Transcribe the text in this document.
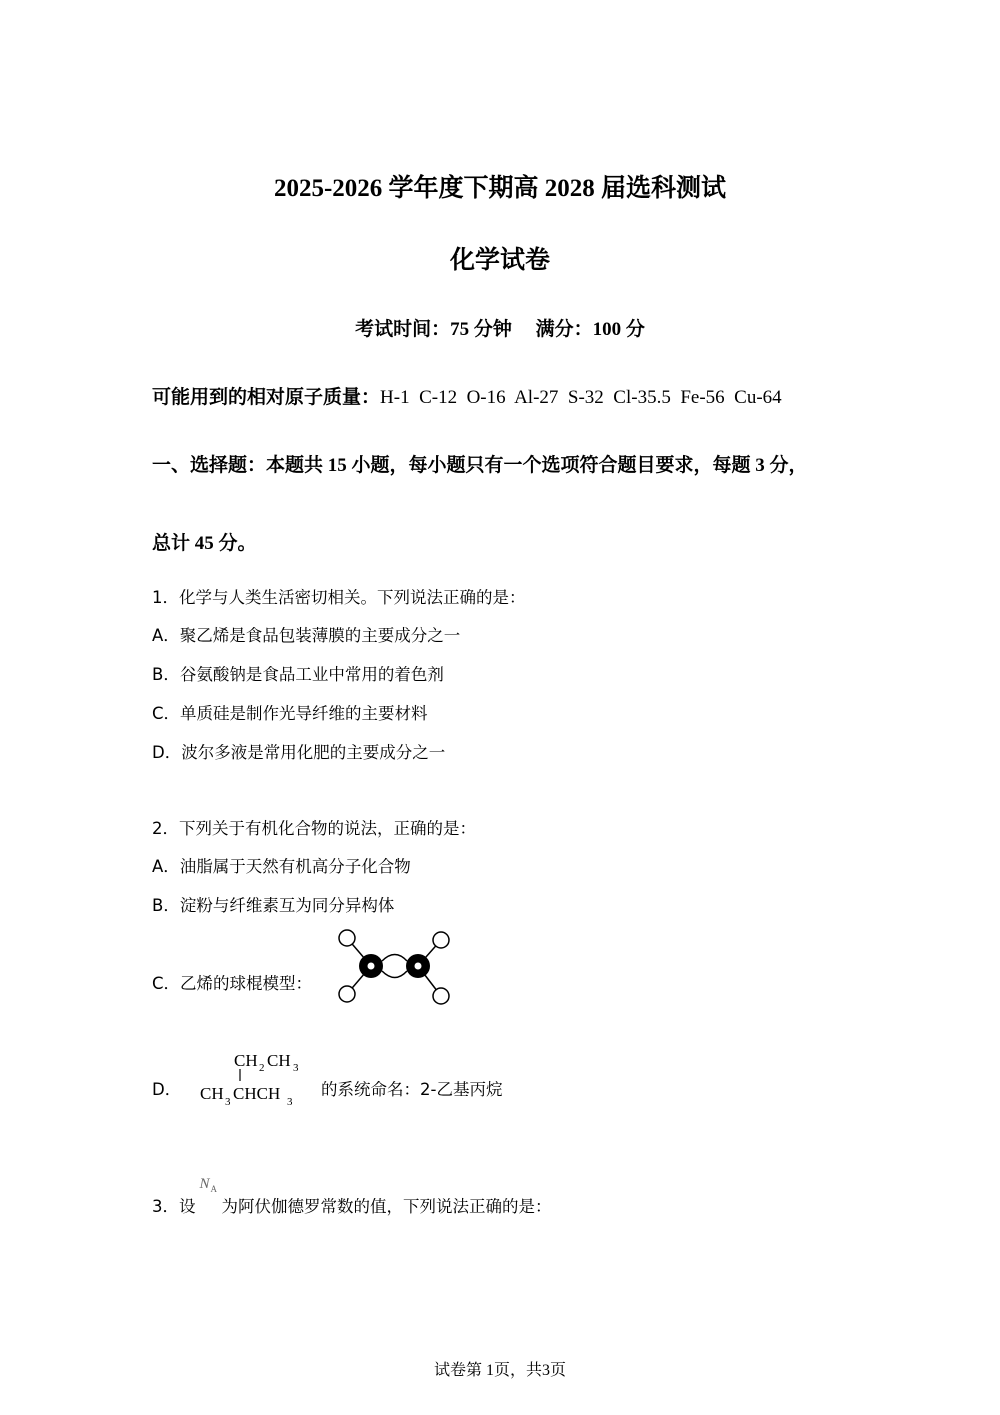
2025-2026 学年度下期高 2028 届选科测试
化学试卷
考试时间：75 分钟 满分：100 分
可能用到的相对原子质量：H-1  C-12  O-16  Al-27  S-32  Cl-35.5  Fe-56  Cu-64
一、选择题：本题共 15 小题，每小题只有一个选项符合题目要求，每题 3 分，
总计 45 分。
1．化学与人类生活密切相关。下列说法正确的是：
A．聚乙烯是食品包装薄膜的主要成分之一
B．谷氨酸钠是食品工业中常用的着色剂
C．单质硅是制作光导纤维的主要材料
D．波尔多液是常用化肥的主要成分之一
2．下列关于有机化合物的说法，正确的是：
A．油脂属于天然有机高分子化合物
B．淀粉与纤维素互为同分异构体
C．乙烯的球棍模型：
D．
CH 2 CH 3
CH 3 CHCH 3
的系统命名：2-乙基丙烷
3．设
N A
为阿伏伽德罗常数的值，下列说法正确的是：
试卷第 1页，共3页
